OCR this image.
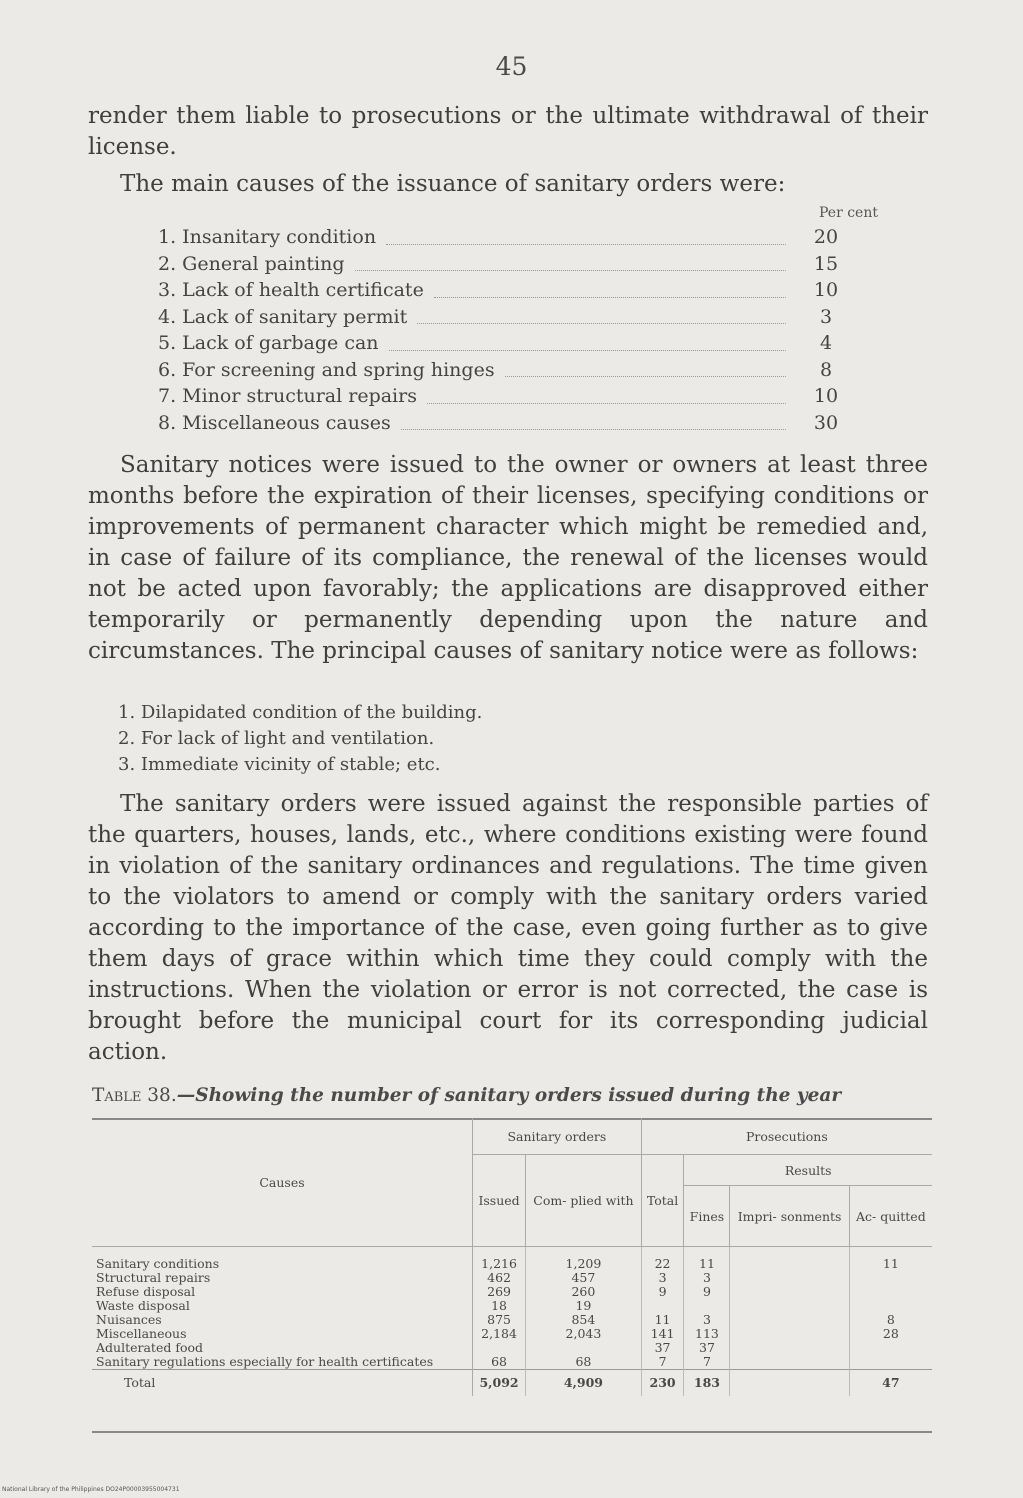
45

render them liable to prosecutions or the ultimate withdrawal of their license.

The main causes of the issuance of sanitary orders were:

Per cent
1. Insanitary condition	20
2. General painting	15
3. Lack of health certificate	10
4. Lack of sanitary permit	3
5. Lack of garbage can	4
6. For screening and spring hinges	8
7. Minor structural repairs	10
8. Miscellaneous causes	30

Sanitary notices were issued to the owner or owners at least three months before the expiration of their licenses, specifying conditions or improvements of permanent character which might be remedied and, in case of failure of its compliance, the renewal of the licenses would not be acted upon favorably; the applications are disapproved either temporarily or permanently depending upon the nature and circumstances. The principal causes of sanitary notice were as follows:

1. Dilapidated condition of the building.
2. For lack of light and ventilation.
3. Immediate vicinity of stable; etc.

The sanitary orders were issued against the responsible parties of the quarters, houses, lands, etc., where conditions existing were found in violation of the sanitary ordinances and regulations. The time given to the violators to amend or comply with the sanitary orders varied according to the importance of the case, even going further as to give them days of grace within which time they could comply with the instructions. When the violation or error is not corrected, the case is brought before the municipal court for its corresponding judicial action.

Table 38.—Showing the number of sanitary orders issued during the year
Causes	Sanitary orders		Prosecutions			
	Issued	Com- plied with	Total	Results		
				Fines	Impri- sonments	Ac- quitted
Sanitary conditions	1,216	1,209	22	11		11
Structural repairs	462	457	3	3		
Refuse disposal	269	260	9	9		
Waste disposal	18	19				
Nuisances	875	854	11	3		8
Miscellaneous	2,184	2,043	141	113		28
Adulterated food			37	37		
Sanitary regulations especially for health certificates	68	68	7	7		
Total	5,092	4,909	230	183		47
National Library of the Philippines DO24P00003955004731
